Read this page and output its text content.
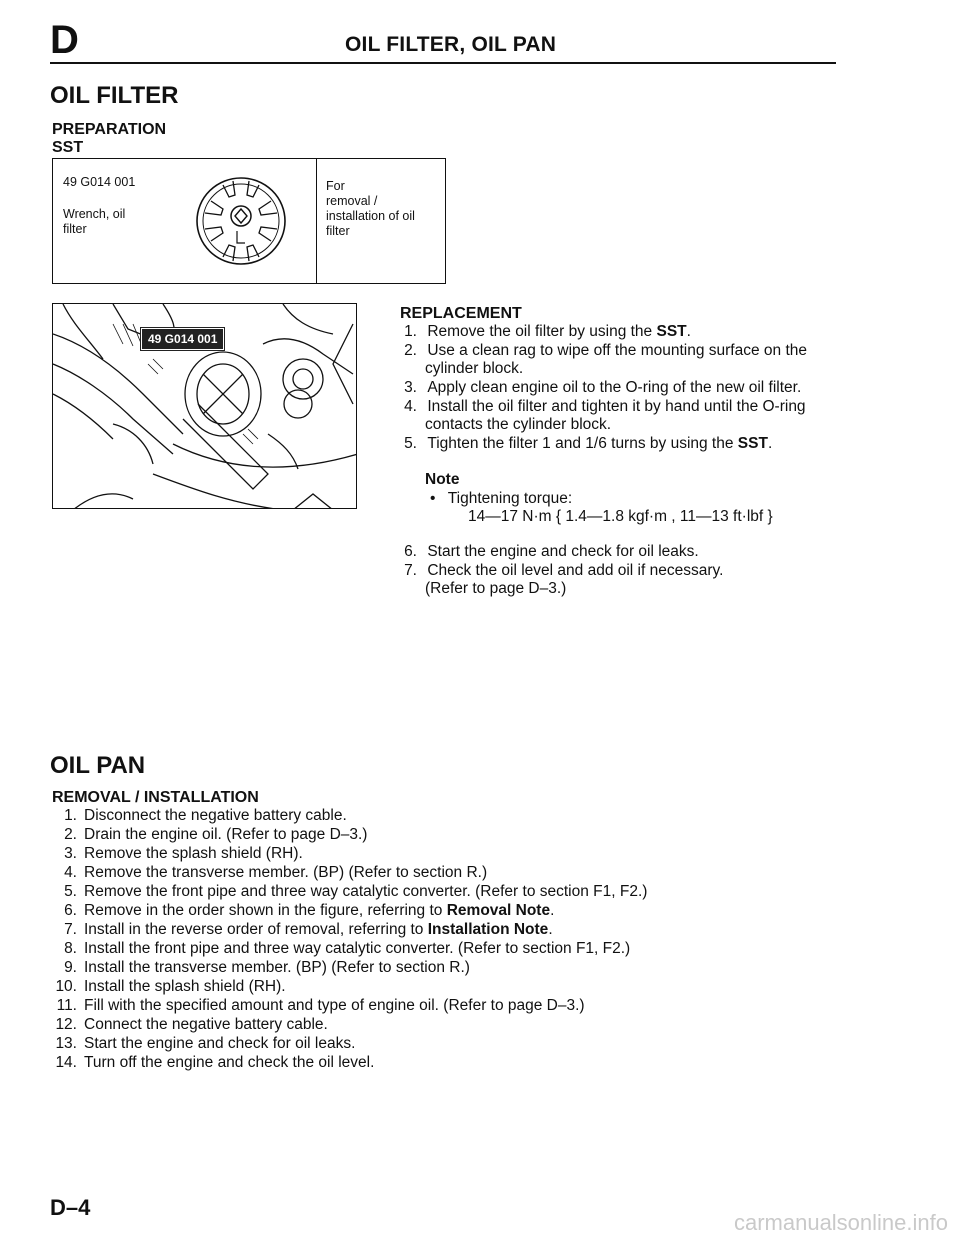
D	OIL FILTER, OIL PAN
OIL FILTER
PREPARATION
SST
49 G014 001
Wrench, oil
filter
For
removal /
installation of oil
filter
49 G014 001
REPLACEMENT
1. Remove the oil filter by using the SST.
2. Use a clean rag to wipe off the mounting surface on the
cylinder block.
3. Apply clean engine oil to the O-ring of the new oil filter.
4. Install the oil filter and tighten it by hand until the O-ring
contacts the cylinder block.
5. Tighten the filter 1 and 1/6 turns by using the SST.
Note
• Tightening torque:
14—17 N·m { 1.4—1.8 kgf·m , 11—13 ft·lbf }
6. Start the engine and check for oil leaks.
7. Check the oil level and add oil if necessary.
(Refer to page D–3.)
OIL PAN
REMOVAL / INSTALLATION
1. Disconnect the negative battery cable.
2. Drain the engine oil. (Refer to page D–3.)
3. Remove the splash shield (RH).
4. Remove the transverse member. (BP) (Refer to section R.)
5. Remove the front pipe and three way catalytic converter. (Refer to section F1, F2.)
6. Remove in the order shown in the figure, referring to Removal Note.
7. Install in the reverse order of removal, referring to Installation Note.
8. Install the front pipe and three way catalytic converter. (Refer to section F1, F2.)
9. Install the transverse member. (BP) (Refer to section R.)
10. Install the splash shield (RH).
11. Fill with the specified amount and type of engine oil. (Refer to page D–3.)
12. Connect the negative battery cable.
13. Start the engine and check for oil leaks.
14. Turn off the engine and check the oil level.
D–4
carmanualsonline.info
